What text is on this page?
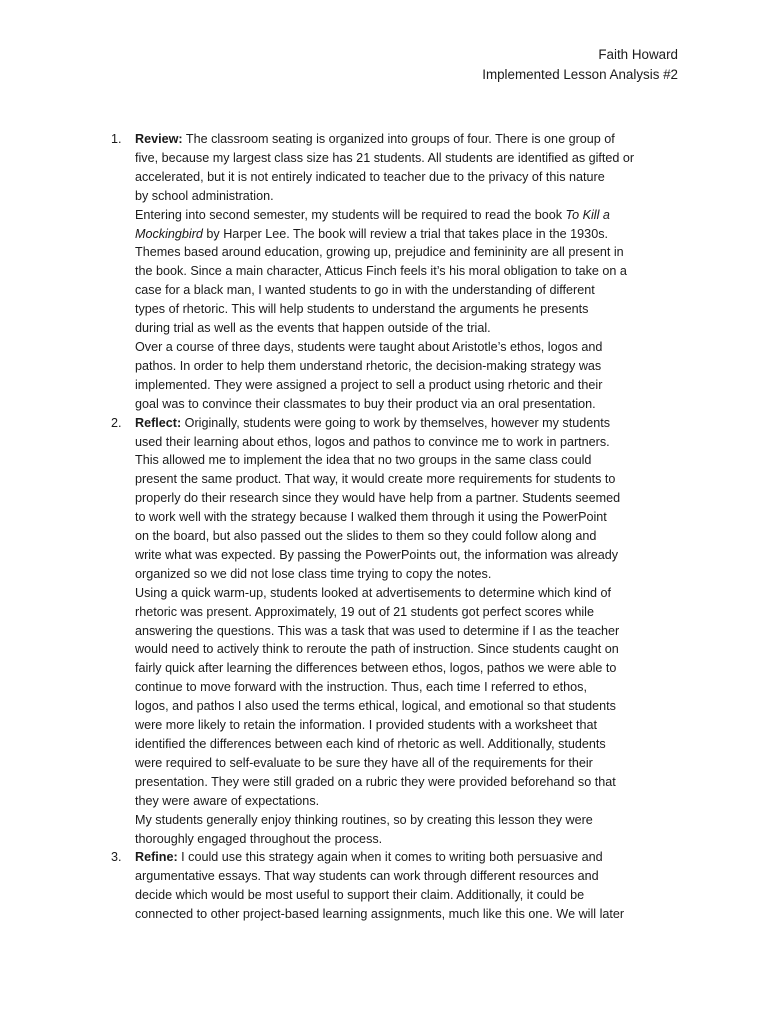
Faith Howard
Implemented Lesson Analysis #2
1. Review: The classroom seating is organized into groups of four. There is one group of
five, because my largest class size has 21 students. All students are identified as gifted or
accelerated, but it is not entirely indicated to teacher due to the privacy of this nature
by school administration.
Entering into second semester, my students will be required to read the book To Kill a
Mockingbird by Harper Lee. The book will review a trial that takes place in the 1930s.
Themes based around education, growing up, prejudice and femininity are all present in
the book. Since a main character, Atticus Finch feels it’s his moral obligation to take on a
case for a black man, I wanted students to go in with the understanding of different
types of rhetoric. This will help students to understand the arguments he presents
during trial as well as the events that happen outside of the trial.
Over a course of three days, students were taught about Aristotle’s ethos, logos and
pathos. In order to help them understand rhetoric, the decision-making strategy was
implemented. They were assigned a project to sell a product using rhetoric and their
goal was to convince their classmates to buy their product via an oral presentation.
2. Reflect: Originally, students were going to work by themselves, however my students
used their learning about ethos, logos and pathos to convince me to work in partners.
This allowed me to implement the idea that no two groups in the same class could
present the same product. That way, it would create more requirements for students to
properly do their research since they would have help from a partner. Students seemed
to work well with the strategy because I walked them through it using the PowerPoint
on the board, but also passed out the slides to them so they could follow along and
write what was expected. By passing the PowerPoints out, the information was already
organized so we did not lose class time trying to copy the notes.
Using a quick warm-up, students looked at advertisements to determine which kind of
rhetoric was present. Approximately, 19 out of 21 students got perfect scores while
answering the questions. This was a task that was used to determine if I as the teacher
would need to actively think to reroute the path of instruction. Since students caught on
fairly quick after learning the differences between ethos, logos, pathos we were able to
continue to move forward with the instruction. Thus, each time I referred to ethos,
logos, and pathos I also used the terms ethical, logical, and emotional so that students
were more likely to retain the information. I provided students with a worksheet that
identified the differences between each kind of rhetoric as well. Additionally, students
were required to self-evaluate to be sure they have all of the requirements for their
presentation. They were still graded on a rubric they were provided beforehand so that
they were aware of expectations.
My students generally enjoy thinking routines, so by creating this lesson they were
thoroughly engaged throughout the process.
3. Refine: I could use this strategy again when it comes to writing both persuasive and
argumentative essays. That way students can work through different resources and
decide which would be most useful to support their claim. Additionally, it could be
connected to other project-based learning assignments, much like this one. We will later
